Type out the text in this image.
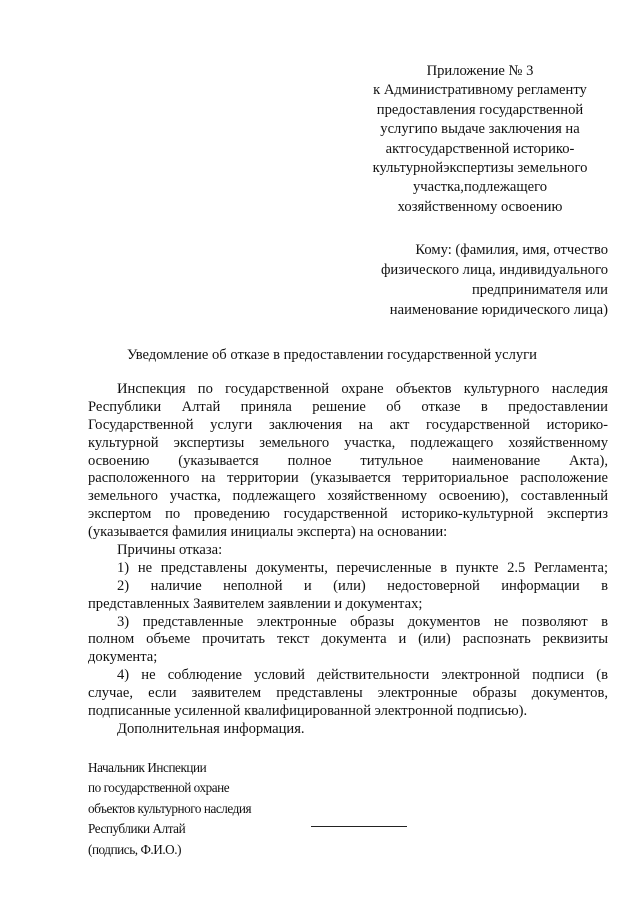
Приложение № 3
к Административному регламенту
предоставления государственной
услугипо выдаче заключения на
актгосударственной историко-
культурнойэкспертизы земельного
участка,подлежащего
хозяйственному освоению
Кому: (фамилия, имя, отчество
физического лица, индивидуального
предпринимателя или
наименование юридического лица)
Уведомление об отказе в предоставлении государственной услуги
Инспекция по государственной охране объектов культурного наследия
Республики Алтай приняла решение об отказе в предоставлении
Государственной услуги заключения на акт государственной историко-
культурной экспертизы земельного участка, подлежащего хозяйственному
освоению (указывается полное титульное наименование Акта),
расположенного на территории (указывается территориальное расположение
земельного участка, подлежащего хозяйственному освоению), составленный
экспертом по проведению государственной историко-культурной экспертиз
(указывается фамилия инициалы эксперта) на основании:
Причины отказа:
1) не представлены документы, перечисленные в пункте 2.5 Регламента;
2) наличие неполной и (или) недостоверной информации в
представленных Заявителем заявлении и документах;
3) представленные электронные образы документов не позволяют в
полном объеме прочитать текст документа и (или) распознать реквизиты
документа;
4) не соблюдение условий действительности электронной подписи (в
случае, если заявителем представлены электронные образы документов,
подписанные усиленной квалифицированной электронной подписью).
Дополнительная информация.
Начальник Инспекции
по государственной охране
объектов культурного наследия
Республики Алтай
(подпись, Ф.И.О.)
